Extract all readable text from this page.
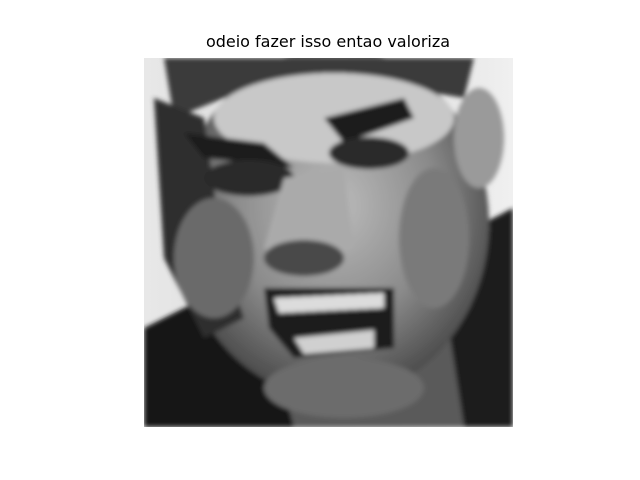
odeio fazer isso entao valoriza
